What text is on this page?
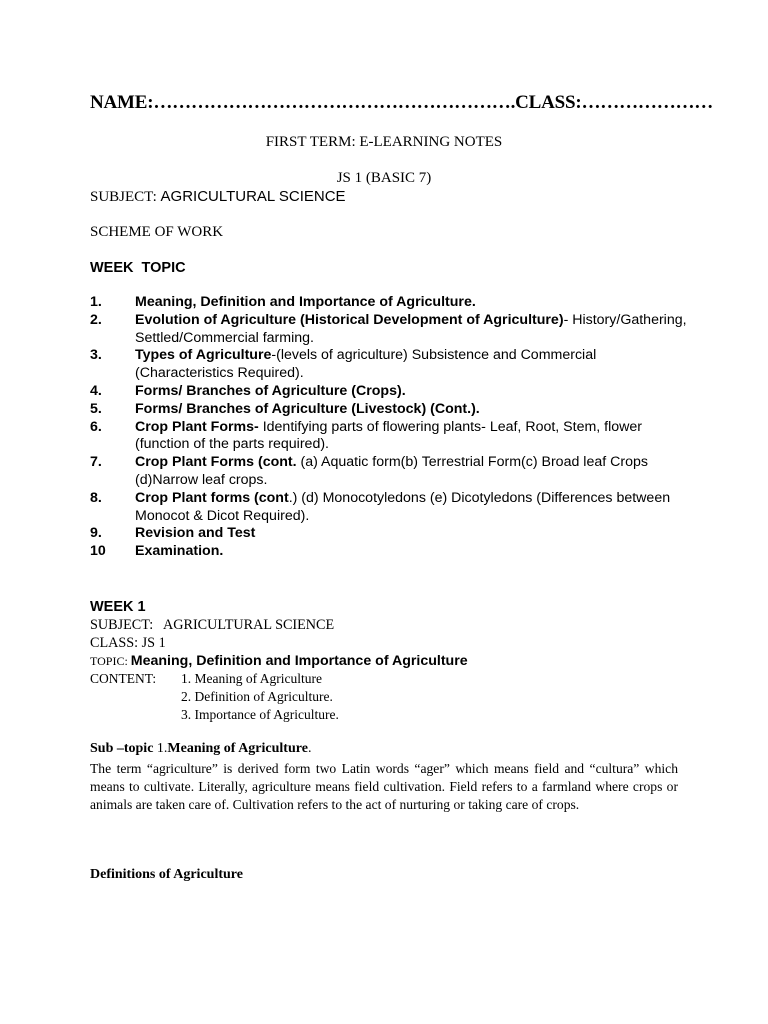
NAME:………………………………………………….CLASS:…………………
FIRST TERM: E-LEARNING NOTES
JS 1 (BASIC 7)
SUBJECT: AGRICULTURAL SCIENCE
SCHEME OF WORK
WEEK  TOPIC
1.	Meaning, Definition and Importance of Agriculture.
2.	Evolution of Agriculture (Historical Development of Agriculture)- History/Gathering, Settled/Commercial farming.
3.	Types of Agriculture-(levels of agriculture) Subsistence and Commercial (Characteristics Required).
4.	Forms/ Branches of Agriculture (Crops).
5.	Forms/ Branches of Agriculture (Livestock) (Cont.).
6.	Crop Plant Forms- Identifying parts of flowering plants- Leaf, Root, Stem, flower (function of the parts required).
7.	Crop Plant Forms (cont. (a) Aquatic form(b) Terrestrial Form(c) Broad leaf Crops (d)Narrow leaf crops.
8.	Crop Plant forms (cont.) (d) Monocotyledons (e) Dicotyledons (Differences between Monocot & Dicot Required).
9.	Revision and Test
10	Examination.
WEEK 1
SUBJECT:   AGRICULTURAL SCIENCE
CLASS: JS 1
TOPIC: Meaning, Definition and Importance of Agriculture
CONTENT:	1. Meaning of Agriculture
2. Definition of Agriculture.
3. Importance of Agriculture.
Sub –topic 1.Meaning of Agriculture.
The term “agriculture” is derived form two Latin words “ager” which means field and “cultura” which means to cultivate. Literally, agriculture means field cultivation. Field refers to a farmland where crops or animals are taken care of. Cultivation refers to the act of nurturing or taking care of crops.
Definitions of Agriculture
